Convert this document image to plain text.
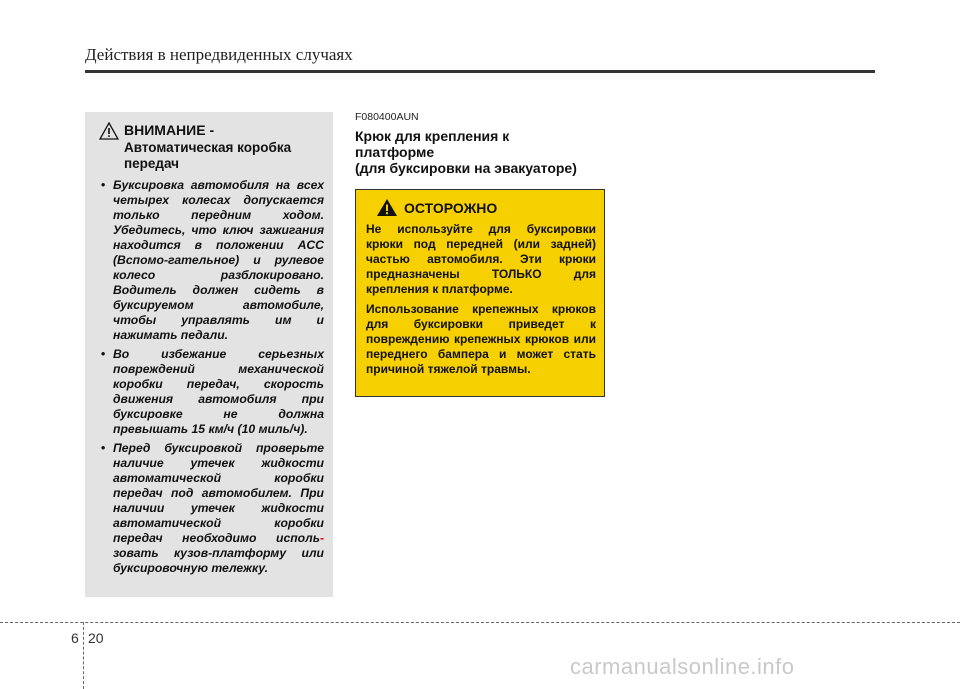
Действия в непредвиденных случаях
ВНИМАНИЕ -
Автоматическая коробка
передач
• Буксировка автомобиля на всех четырех колесах допускается только передним ходом. Убедитесь, что ключ зажигания находится в положении ACC (Вспомо-гательное) и рулевое колесо разблокировано. Водитель должен сидеть в буксируемом автомобиле, чтобы управлять им и нажимать педали.
• Во избежание серьезных повреждений механической коробки передач, скорость движения автомобиля при буксировке не должна превышать 15 км/ч (10 миль/ч).
• Перед буксировкой проверьте наличие утечек жидкости автоматической коробки передач под автомобилем. При наличии утечек жидкости автоматической коробки передач необходимо исполь- зовать кузов-платформу или буксировочную тележку.
F080400AUN
Крюк для крепления к
платформе
(для буксировки на эвакуаторе)
ОСТОРОЖНО

Не используйте для буксировки крюки под передней (или задней) частью автомобиля. Эти крюки предназначены ТОЛЬКО для крепления к платформе.

Использование крепежных крюков для буксировки приведет к повреждению крепежных крюков или переднего бампера и может стать причиной тяжелой травмы.

6 20
carmanualsonline.info
